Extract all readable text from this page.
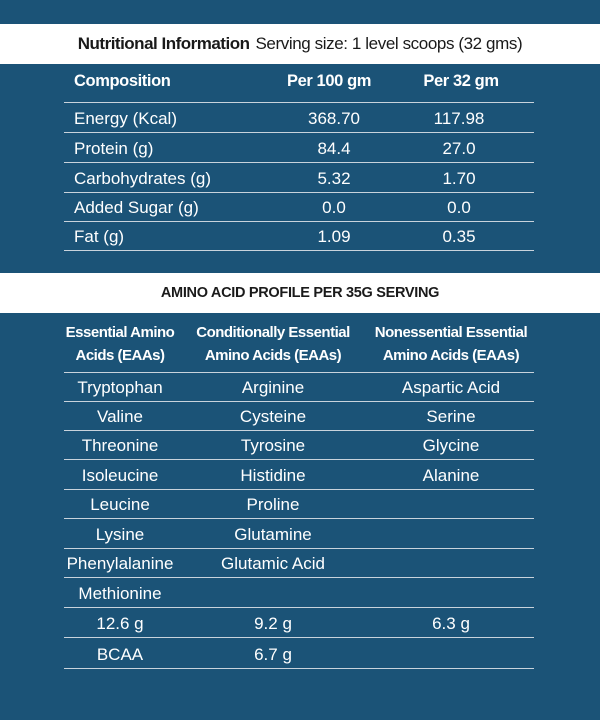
Nutritional Information Serving size: 1 level scoops (32 gms)
Composition	Per 100 gm	Per 32 gm
Energy (Kcal)	368.70	117.98
Protein (g)	84.4	27.0
Carbohydrates (g)	5.32	1.70
Added Sugar (g)	0.0	0.0
Fat (g)	1.09	0.35
AMINO ACID PROFILE PER 35G SERVING
Essential Amino
Acids (EAAs)
Conditionally Essential
Amino Acids (EAAs)
Nonessential Essential
Amino Acids (EAAs)
Tryptophan	Arginine	Aspartic Acid
Valine	Cysteine	Serine
Threonine	Tyrosine	Glycine
Isoleucine	Histidine	Alanine
Leucine	Proline
Lysine	Glutamine
Phenylalanine	Glutamic Acid
Methionine
12.6 g	9.2 g	6.3 g
BCAA	6.7 g
